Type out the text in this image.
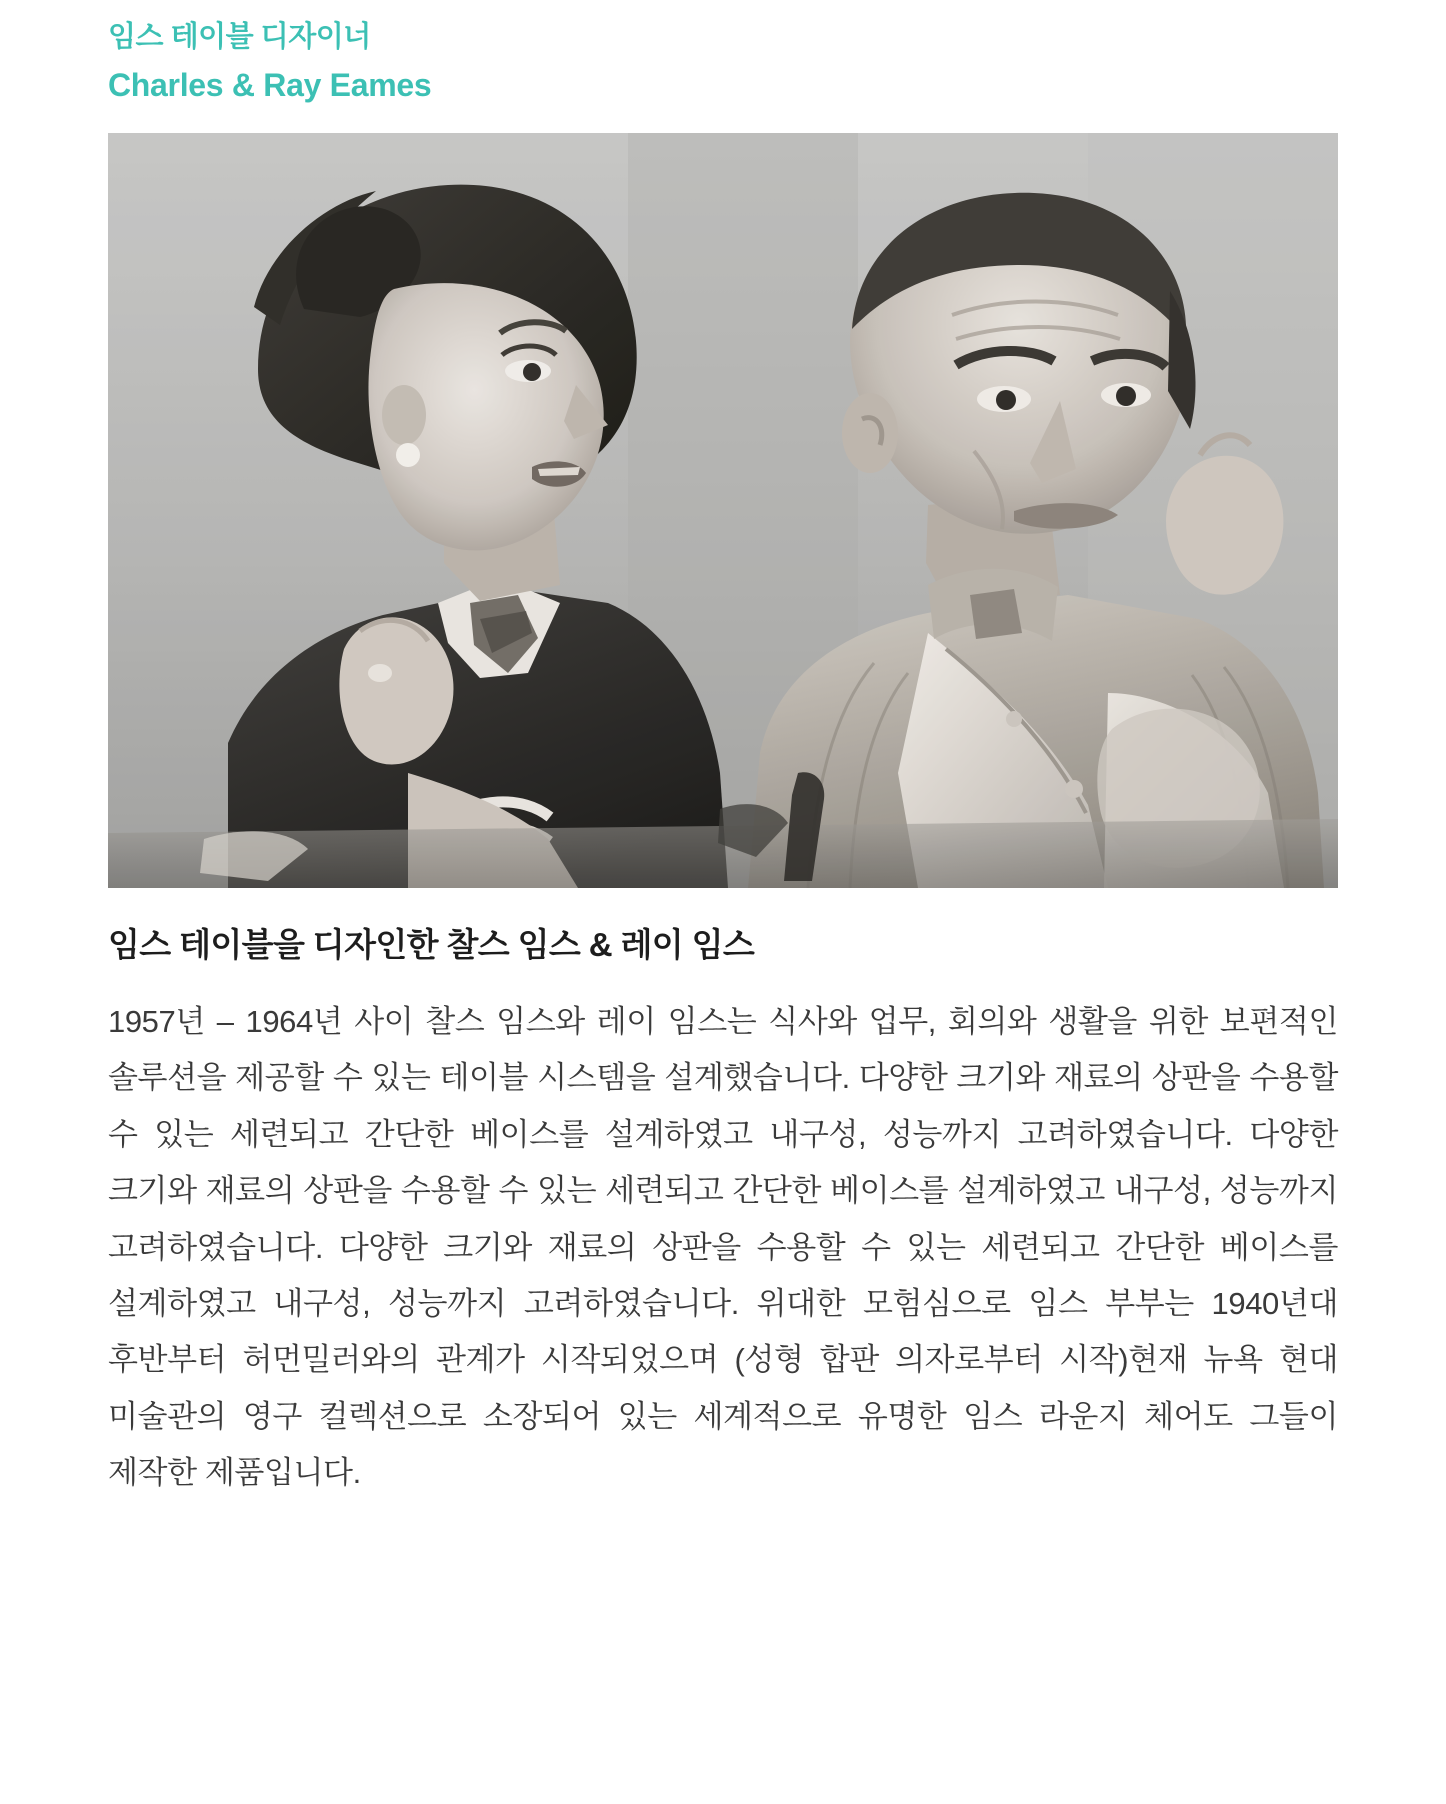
임스 테이블 디자이너
Charles & Ray Eames
임스 테이블을 디자인한 찰스 임스 & 레이 임스

1957년 – 1964년 사이 찰스 임스와 레이 임스는 식사와 업무, 회의와 생활을 위한 보편적인 솔루션을 제공할 수 있는 테이블 시스템을 설계했습니다. 다양한 크기와 재료의 상판을 수용할 수 있는 세련되고 간단한 베이스를 설계하였고 내구성, 성능까지 고려하였습니다. 다양한 크기와 재료의 상판을 수용할 수 있는 세련되고 간단한 베이스를 설계하였고 내구성, 성능까지 고려하였습니다. 다양한 크기와 재료의 상판을 수용할 수 있는 세련되고 간단한 베이스를 설계하였고 내구성, 성능까지 고려하였습니다. 위대한 모험심으로 임스 부부는 1940년대 후반부터 허먼밀러와의 관계가 시작되었으며 (성형 합판 의자로부터 시작)현재 뉴욕 현대 미술관의 영구 컬렉션으로 소장되어 있는 세계적으로 유명한 임스 라운지 체어도 그들이 제작한 제품입니다.
